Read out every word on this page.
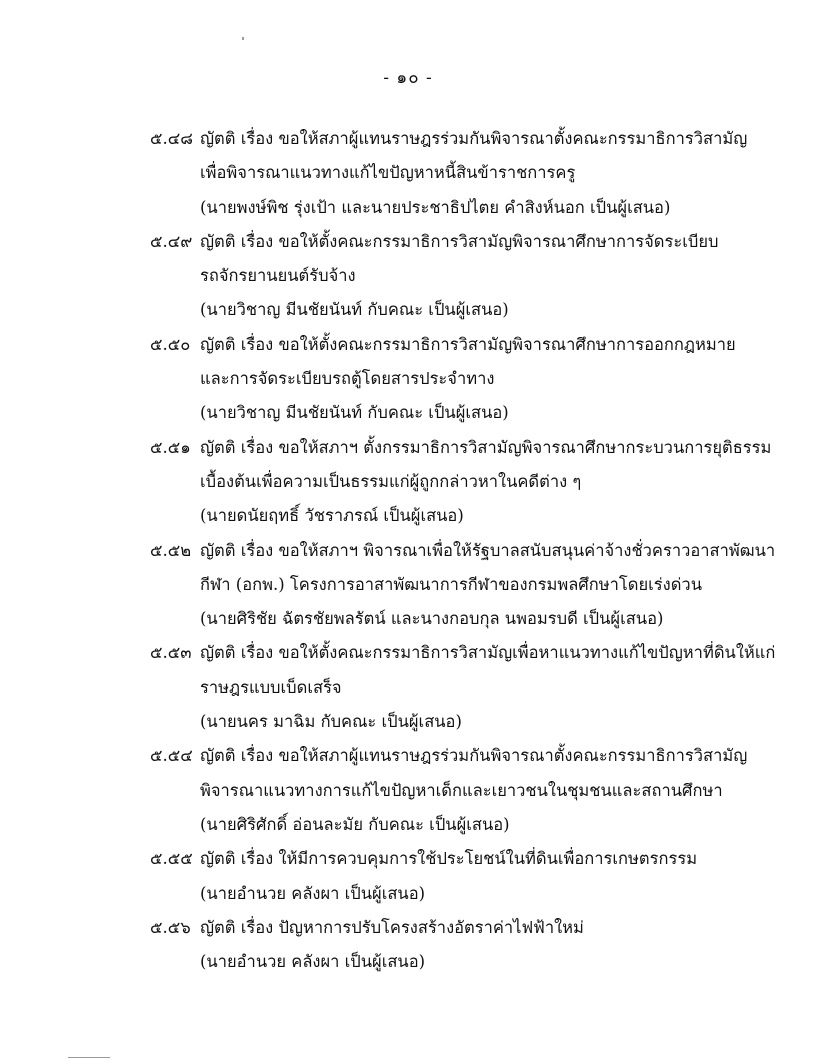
- ๑๐ -
๕.๔๘ ญัตติ เรื่อง ขอให้สภาผู้แทนราษฎรร่วมกันพิจารณาตั้งคณะกรรมาธิการวิสามัญ
เพื่อพิจารณาแนวทางแก้ไขปัญหาหนี้สินข้าราชการครู
(นายพงษ์พิช รุ่งเป้า และนายประชาธิปไตย คำสิงห์นอก เป็นผู้เสนอ)
๕.๔๙ ญัตติ เรื่อง ขอให้ตั้งคณะกรรมาธิการวิสามัญพิจารณาศึกษาการจัดระเบียบ
รถจักรยานยนต์รับจ้าง
(นายวิชาญ มีนชัยนันท์ กับคณะ เป็นผู้เสนอ)
๕.๕๐ ญัตติ เรื่อง ขอให้ตั้งคณะกรรมาธิการวิสามัญพิจารณาศึกษาการออกกฎหมาย
และการจัดระเบียบรถตู้โดยสารประจำทาง
(นายวิชาญ มีนชัยนันท์ กับคณะ เป็นผู้เสนอ)
๕.๕๑ ญัตติ เรื่อง ขอให้สภาฯ ตั้งกรรมาธิการวิสามัญพิจารณาศึกษากระบวนการยุติธรรม
เบื้องต้นเพื่อความเป็นธรรมแก่ผู้ถูกกล่าวหาในคดีต่าง ๆ
(นายดนัยฤทธิ์ วัชราภรณ์ เป็นผู้เสนอ)
๕.๕๒ ญัตติ เรื่อง ขอให้สภาฯ พิจารณาเพื่อให้รัฐบาลสนับสนุนค่าจ้างชั่วคราวอาสาพัฒนา
กีฬา (อกพ.) โครงการอาสาพัฒนาการกีฬาของกรมพลศึกษาโดยเร่งด่วน
(นายศิริชัย ฉัตรชัยพลรัตน์ และนางกอบกุล นพอมรบดี เป็นผู้เสนอ)
๕.๕๓ ญัตติ เรื่อง ขอให้ตั้งคณะกรรมาธิการวิสามัญเพื่อหาแนวทางแก้ไขปัญหาที่ดินให้แก่
ราษฎรแบบเบ็ดเสร็จ
(นายนคร มาฉิม กับคณะ เป็นผู้เสนอ)
๕.๕๔ ญัตติ เรื่อง ขอให้สภาผู้แทนราษฎรร่วมกันพิจารณาตั้งคณะกรรมาธิการวิสามัญ
พิจารณาแนวทางการแก้ไขปัญหาเด็กและเยาวชนในชุมชนและสถานศึกษา
(นายศิริศักดิ์ อ่อนละมัย กับคณะ เป็นผู้เสนอ)
๕.๕๕ ญัตติ เรื่อง ให้มีการควบคุมการใช้ประโยชน์ในที่ดินเพื่อการเกษตรกรรม
(นายอำนวย คลังผา เป็นผู้เสนอ)
๕.๕๖ ญัตติ เรื่อง ปัญหาการปรับโครงสร้างอัตราค่าไฟฟ้าใหม่
(นายอำนวย คลังผา เป็นผู้เสนอ)
